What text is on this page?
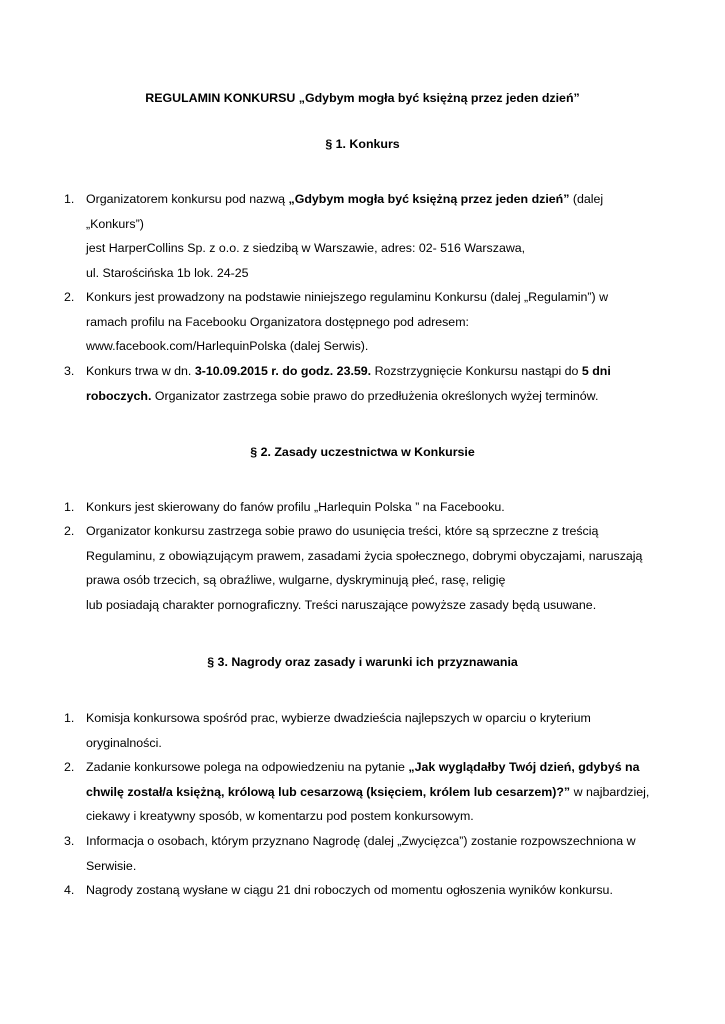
REGULAMIN KONKURSU „Gdybym mogła być księżną przez jeden dzień”
§ 1. Konkurs
1. Organizatorem konkursu pod nazwą „Gdybym mogła być księżną przez jeden dzień” (dalej
„Konkurs”)
jest HarperCollins Sp. z o.o. z siedzibą w Warszawie, adres: 02- 516 Warszawa,
ul. Starościńska 1b lok. 24-25
2. Konkurs jest prowadzony na podstawie niniejszego regulaminu Konkursu (dalej „Regulamin”) w
ramach profilu na Facebooku Organizatora dostępnego pod adresem:
www.facebook.com/HarlequinPolska (dalej Serwis).
3. Konkurs trwa w dn. 3-10.09.2015 r. do godz. 23.59. Rozstrzygnięcie Konkursu nastąpi do 5 dni
roboczych. Organizator zastrzega sobie prawo do przedłużenia określonych wyżej terminów.
§ 2. Zasady uczestnictwa w Konkursie
1. Konkurs jest skierowany do fanów profilu „Harlequin Polska ” na Facebooku.
2. Organizator konkursu zastrzega sobie prawo do usunięcia treści, które są sprzeczne z treścią
Regulaminu, z obowiązującym prawem, zasadami życia społecznego, dobrymi obyczajami, naruszają
prawa osób trzecich, są obraźliwe, wulgarne, dyskryminują płeć, rasę, religię
lub posiadają charakter pornograficzny. Treści naruszające powyższe zasady będą usuwane.
§ 3. Nagrody oraz zasady i warunki ich przyznawania
1. Komisja konkursowa spośród prac, wybierze dwadzieścia najlepszych w oparciu o kryterium
oryginalności.
2. Zadanie konkursowe polega na odpowiedzeniu na pytanie „Jak wyglądałby Twój dzień, gdybyś na
chwilę został/a księżną, królową lub cesarzową (księciem, królem lub cesarzem)?” w najbardziej,
ciekawy i kreatywny sposób, w komentarzu pod postem konkursowym.
3. Informacja o osobach, którym przyznano Nagrodę (dalej „Zwycięzca”) zostanie rozpowszechniona w
Serwisie.
4. Nagrody zostaną wysłane w ciągu 21 dni roboczych od momentu ogłoszenia wyników konkursu.
